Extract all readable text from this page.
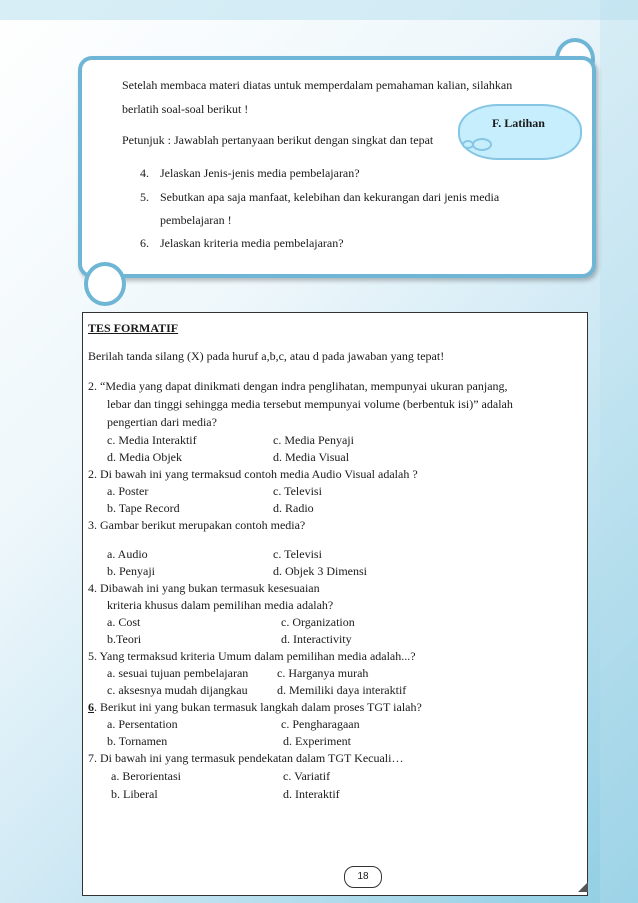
Setelah membaca materi diatas untuk memperdalam pemahaman kalian, silahkan
berlatih soal-soal berikut !
Petunjuk : Jawablah pertanyaan berikut dengan singkat dan tepat
F. Latihan
4. Jelaskan Jenis-jenis media pembelajaran?
5. Sebutkan apa saja manfaat, kelebihan dan kekurangan dari jenis media
pembelajaran !
6. Jelaskan kriteria media pembelajaran?
TES FORMATIF
Berilah tanda silang (X) pada huruf a,b,c, atau d pada jawaban yang tepat!
2. “Media yang dapat dinikmati dengan indra penglihatan, mempunyai ukuran panjang,
lebar dan tinggi sehingga media tersebut mempunyai volume (berbentuk isi)” adalah
pengertian dari media?
c. Media Interaktif	c. Media Penyaji
d. Media Objek	d. Media Visual
2. Di bawah ini yang termaksud contoh media Audio Visual adalah ?
a. Poster	c. Televisi
b. Tape Record	d. Radio
3. Gambar berikut merupakan contoh media?
a. Audio	c. Televisi
b. Penyaji	d. Objek 3 Dimensi
4. Dibawah ini yang bukan termasuk kesesuaian
kriteria khusus dalam pemilihan media adalah?
a. Cost	c. Organization
b.Teori	d. Interactivity
5. Yang termaksud kriteria Umum dalam pemilihan media adalah...?
a. sesuai tujuan pembelajaran c. Harganya murah
c. aksesnya mudah dijangkau d. Memiliki daya interaktif
6. Berikut ini yang bukan termasuk langkah dalam proses TGT ialah?
a. Persentation	c. Pengharagaan
b. Tornamen	d. Experiment
7. Di bawah ini yang termasuk pendekatan dalam TGT Kecuali…
a. Berorientasi	c. Variatif
b. Liberal	d. Interaktif
18
